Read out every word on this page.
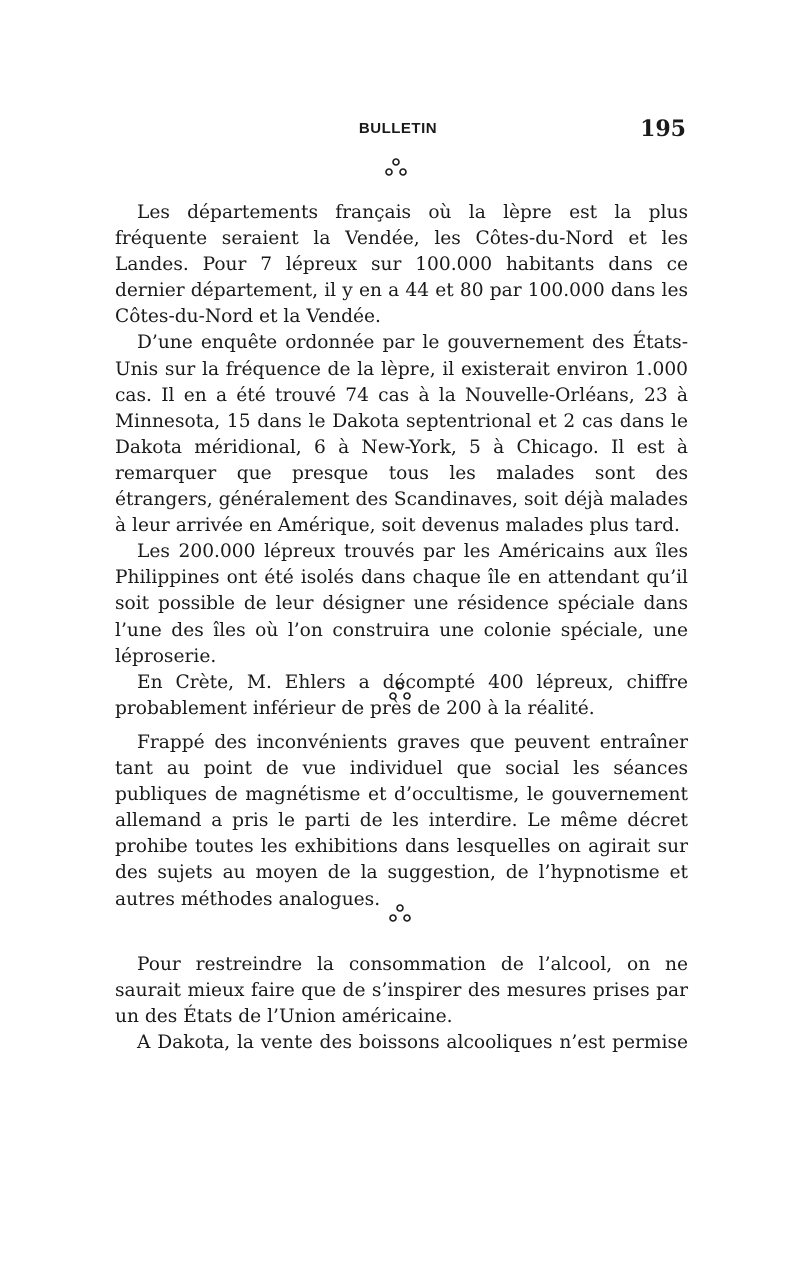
BULLETIN	195

Les départements français où la lèpre est la plus fréquente seraient la Vendée, les Côtes-du-Nord et les Landes. Pour 7 lépreux sur 100.000 habitants dans ce dernier département, il y en a 44 et 80 par 100.000 dans les Côtes-du-Nord et la Vendée.

D’une enquête ordonnée par le gouvernement des États-Unis sur la fréquence de la lèpre, il existerait environ 1.000 cas. Il en a été trouvé 74 cas à la Nouvelle-Orléans, 23 à Minnesota, 15 dans le Dakota septentrional et 2 cas dans le Dakota méridional, 6 à New-York, 5 à Chicago. Il est à remarquer que presque tous les malades sont des étrangers, généralement des Scandinaves, soit déjà malades à leur arrivée en Amérique, soit devenus malades plus tard.

Les 200.000 lépreux trouvés par les Américains aux îles Philippines ont été isolés dans chaque île en attendant qu’il soit possible de leur désigner une résidence spéciale dans l’une des îles où l’on construira une colonie spéciale, une léproserie.

En Crète, M. Ehlers a décompté 400 lépreux, chiffre probablement inférieur de près de 200 à la réalité.

Frappé des inconvénients graves que peuvent entraîner tant au point de vue individuel que social les séances publiques de magnétisme et d’occultisme, le gouvernement allemand a pris le parti de les interdire. Le même décret prohibe toutes les exhibitions dans lesquelles on agirait sur des sujets au moyen de la suggestion, de l’hypnotisme et autres méthodes analogues.

Pour restreindre la consommation de l’alcool, on ne saurait mieux faire que de s’inspirer des mesures prises par un des États de l’Union américaine.

A Dakota, la vente des boissons alcooliques n’est permise
